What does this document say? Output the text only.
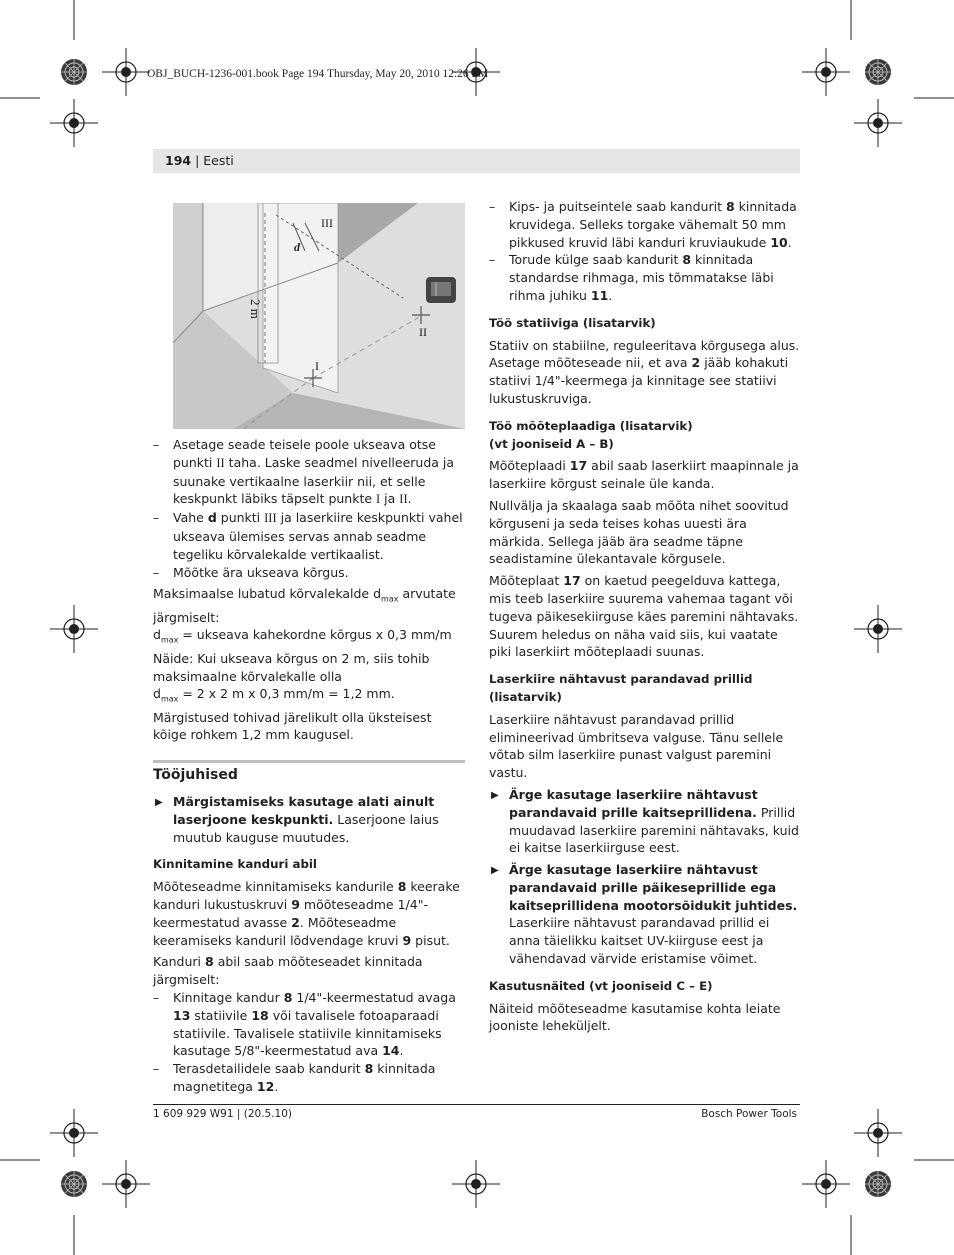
OBJ_BUCH-1236-001.book Page 194 Thursday, May 20, 2010 12:26 PM
194 | Eesti
III
d
2 m
I
II
– Asetage seade teisele poole ukseava otse punkti II taha. Laske seadmel nivelleeruda ja suunake vertikaalne laserkiir nii, et selle keskpunkt läbiks täpselt punkte I ja II.
– Vahe d punkti III ja laserkiire keskpunkti vahel ukseava ülemises servas annab seadme tegeliku kõrvalekalde vertikaalist.
– Mõõtke ära ukseava kõrgus.

Maksimaalse lubatud kõrvalekalde $d_{max}$ arvutate järgmiselt:

$d_{max}$ = ukseava kahekordne kõrgus x 0,3 mm/m

Näide: Kui ukseava kõrgus on 2 m, siis tohib maksimaalne kõrvalekalle olla

$d_{max} = 2$ x 2 m x 0,3 mm/m = 1,2 mm. Märgistused tohivad järelikult olla üksteisest kõige rohkem 1,2 mm kaugusel.

Tööjuhised
▶ Märgistamiseks kasutage alati ainult laserjoone keskpunkti. Laserjoone laius muutub kauguse muutudes.
Kinnitamine kanduri abil

Mõõteseadme kinnitamiseks kandurile 8 keerake kanduri lukustuskruvi 9 mõõteseadme 1/4"-keermestatud avasse 2. Mõõteseadme keeramiseks kanduril lõdvendage kruvi 9 pisut.

Kanduri 8 abil saab mõõteseadet kinnitada järgmiselt:

– Kinnitage kandur 8 1/4"-keermestatud avaga 13 statiivile 18 või tavalisele fotoaparaadi statiivile. Tavalisele statiivile kinnitamiseks kasutage 5/8"-keermestatud ava 14.
– Terasdetailidele saab kandurit 8 kinnitada magnetitega 12.
– Kips- ja puitseintele saab kandurit 8 kinnitada kruvidega. Selleks torgake vähemalt 50 mm pikkused kruvid läbi kanduri kruviaukude 10.
– Torude külge saab kandurit 8 kinnitada standardse rihmaga, mis tõmmatakse läbi rihma juhiku 11.
Töö statiiviga (lisatarvik)

Statiiv on stabiilne, reguleeritava kõrgusega alus. Asetage mõõteseade nii, et ava 2 jääb kohakuti statiivi 1/4"-keermega ja kinnitage see statiivi lukustuskruviga.

Töö mõõteplaadiga (lisatarvik)
(vt jooniseid A – B)

Mõõteplaadi 17 abil saab laserkiirt maapinnale ja laserkiire kõrgust seinale üle kanda.

Nullvälja ja skaalaga saab mõõta nihet soovitud kõrguseni ja seda teises kohas uuesti ära märkida. Sellega jääb ära seadme täpne seadistamine ülekantavale kõrgusele.

Mõõteplaat 17 on kaetud peegelduva kattega, mis teeb laserkiire suurema vahemaa tagant või tugeva päikesekiirguse käes paremini nähtavaks. Suurem heledus on näha vaid siis, kui vaatate piki laserkiirt mõõteplaadi suunas.

Laserkiire nähtavust parandavad prillid
(lisatarvik)

Laserkiire nähtavust parandavad prillid elimineerivad ümbritseva valguse. Tänu sellele võtab silm laserkiire punast valgust paremini vastu.

▶ Ärge kasutage laserkiire nähtavust parandavaid prille kaitseprillidena. Prillid muudavad laserkiire paremini nähtavaks, kuid ei kaitse laserkiirguse eest.
▶ Ärge kasutage laserkiire nähtavust parandavaid prille päikeseprillide ega kaitseprillidena mootorsõidukit juhtides. Laserkiire nähtavust parandavad prillid ei anna täielikku kaitset UV-kiirguse eest ja vähendavad värvide eristamise võimet.
Kasutusnäited (vt jooniseid C – E)

Näiteid mõõteseadme kasutamise kohta leiate jooniste leheküljelt.

1 609 929 W91 | (20.5.10)	Bosch Power Tools
